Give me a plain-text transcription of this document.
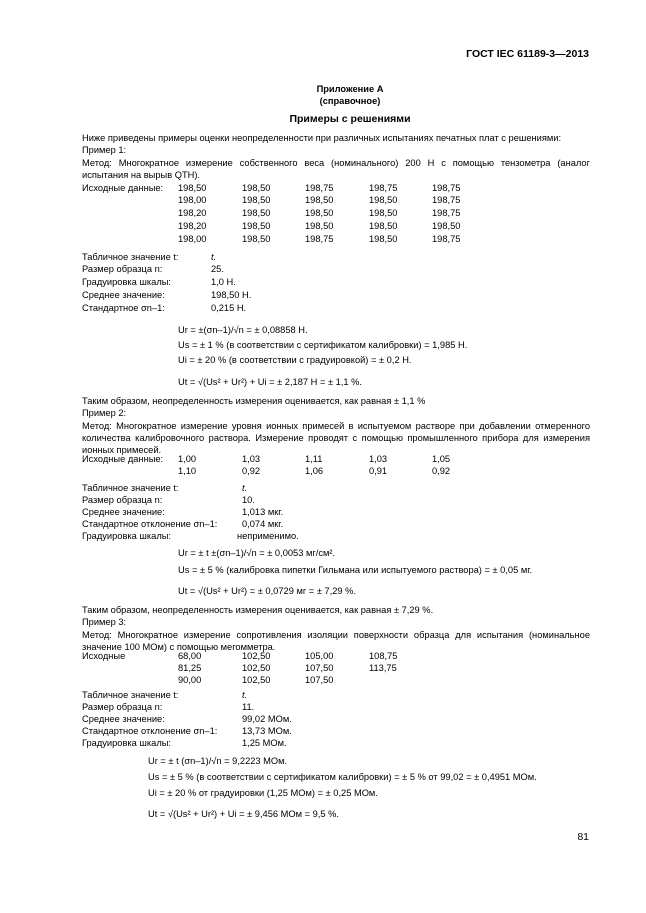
ГОСТ IEC 61189-3—2013
Приложение А
(справочное)
Примеры с решениями
Ниже приведены примеры оценки неопределенности при различных испытаниях печатных плат с решениями:
Пример 1:
Метод: Многократное измерение собственного веса (номинального) 200 Н с помощью тензометра (аналог испытания на вырыв QTH).
Исходные данные: 198,50	198,50	198,75	198,75	198,75
198,00	198,50	198,50	198,50	198,75
198,20	198,50	198,50	198,50	198,75
198,20	198,50	198,50	198,50	198,50
198,00	198,50	198,75	198,50	198,75
Табличное значение t:	t.
Размер образца n:	25.
Градуировка шкалы:	1,0 Н.
Среднее значение:	198,50 Н.
Стандартное σn–1:	0,215 Н.
Ur = ±(σn–1)/√n = ± 0,08858 Н.
Us = ± 1 % (в соответствии с сертификатом калибровки) = 1,985 Н.
Ui = ± 20 % (в соответствии с градуировкой) = ± 0,2 Н.
Ut = √(Us² + Ur²) + Ui = ± 2,187 Н = ± 1,1 %.
Таким образом, неопределенность измерения оценивается, как равная ± 1,1 %
Пример 2:
Метод: Многократное измерение уровня ионных примесей в испытуемом растворе при добавлении отмеренного количества калибровочного раствора. Измерение проводят с помощью промышленного прибора для измерения ионных примесей.
Исходные данные: 1,00	1,03	1,11	1,03	1,05
1,10	0,92	1,06	0,91	0,92
Табличное значение t:	t.
Размер образца n:	10.
Среднее значение:	1,013 мкг.
Стандартное отклонение σn–1:	0,074 мкг.
Градуировка шкалы:	неприменимо.
Ur = ± t ±(σn–1)/√n = ± 0,0053 мг/см².
Us = ± 5 % (калибровка пипетки Гильмана или испытуемого раствора) = ± 0,05 мг.
Ut = √(Us² + Ur²) = ± 0,0729 мг = ± 7,29 %.
Таким образом, неопределенность измерения оценивается, как равная ± 7,29 %.
Пример 3:
Метод: Многократное измерение сопротивления изоляции поверхности образца для испытания (номинальное значение 100 МОм) с помощью мегомметра.
Исходные	68,00	102,50	105,00	108,75
81,25	102,50	107,50	113,75
90,00	102,50	107,50
Табличное значение t:	t.
Размер образца n:	11.
Среднее значение:	99,02 МОм.
Стандартное отклонение σn–1:	13,73 МОм.
Градуировка шкалы:	1,25 МОм.
Ur = ± t (σn–1)/√n = 9,2223 МОм.
Us = ± 5 % (в соответствии с сертификатом калибровки) = ± 5 % от 99,02 = ± 0,4951 МОм.
Ui = ± 20 % от градуировки (1,25 МОм) = ± 0,25 МОм.
Ut = √(Us² + Ur²) + Ui = ± 9,456 МОм = 9,5 %.
81
